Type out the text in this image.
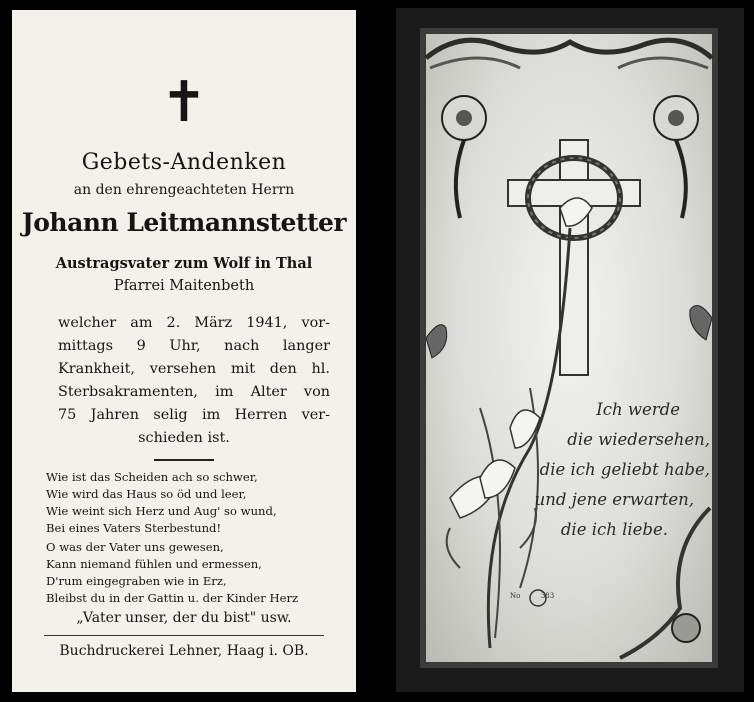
✝
Gebets-Andenken
an den ehrengeachteten Herrn
Johann Leitmannstetter
Austragsvater zum Wolf in Thal
Pfarrei Maitenbeth
welcher am 2. März 1941, vor-
mittags 9 Uhr, nach langer
Krankheit, versehen mit den hl.
Sterbsakramenten, im Alter von
75 Jahren selig im Herren ver-
schieden ist.
Wie ist das Scheiden ach so schwer,
Wie wird das Haus so öd und leer,
Wie weint sich Herz und Aug' so wund,
Bei eines Vaters Sterbestund!
O was der Vater uns gewesen,
Kann niemand fühlen und ermessen,
D'rum eingegraben wie in Erz,
Bleibst du in der Gattin u. der Kinder Herz
„Vater unser, der du bist" usw.
Buchdruckerei Lehner, Haag i. OB.
Ich werde
die wiedersehen,
die ich geliebt habe,
und jene erwarten,
die ich liebe.
No	383
